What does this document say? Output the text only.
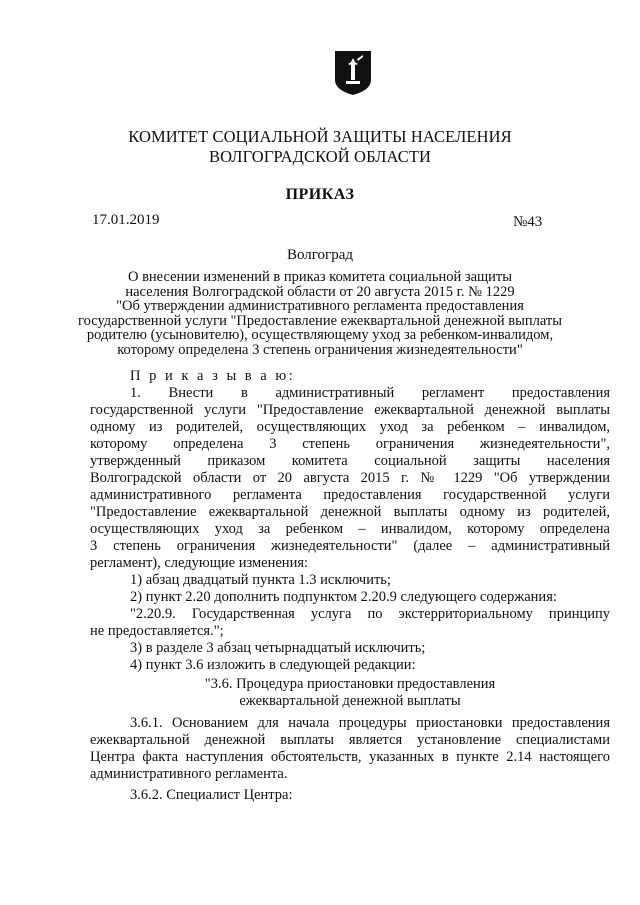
КОМИТЕТ СОЦИАЛЬНОЙ ЗАЩИТЫ НАСЕЛЕНИЯ
ВОЛГОГРАДСКОЙ ОБЛАСТИ
ПРИКАЗ
17.01.2019	№43
Волгоград
О внесении изменений в приказ комитета социальной защиты
населения Волгоградской области от 20 августа 2015 г. № 1229
"Об утверждении административного регламента предоставления
государственной услуги "Предоставление ежеквартальной денежной выплаты
родителю (усыновителю), осуществляющему уход за ребенком-инвалидом,
которому определена 3 степень ограничения жизнедеятельности"
П р и к а з ы в а ю:
1. Внести в административный регламент предоставления
государственной услуги "Предоставление ежеквартальной денежной выплаты
одному из родителей, осуществляющих уход за ребенком – инвалидом,
которому определена 3 степень ограничения жизнедеятельности",
утвержденный приказом комитета социальной защиты населения
Волгоградской области от 20 августа 2015 г. № 1229 "Об утверждении
административного регламента предоставления государственной услуги
"Предоставление ежеквартальной денежной выплаты одному из родителей,
осуществляющих уход за ребенком – инвалидом, которому определена
3 степень ограничения жизнедеятельности" (далее – административный
регламент), следующие изменения:
1) абзац двадцатый пункта 1.3 исключить;
2) пункт 2.20 дополнить подпунктом 2.20.9 следующего содержания:
"2.20.9. Государственная услуга по экстерриториальному принципу
не предоставляется.";
3) в разделе 3 абзац четырнадцатый исключить;
4) пункт 3.6 изложить в следующей редакции:
"3.6. Процедура приостановки предоставления
ежеквартальной денежной выплаты
3.6.1. Основанием для начала процедуры приостановки предоставления
ежеквартальной денежной выплаты является установление специалистами
Центра факта наступления обстоятельств, указанных в пункте 2.14 настоящего
административного регламента.
3.6.2. Специалист Центра:
